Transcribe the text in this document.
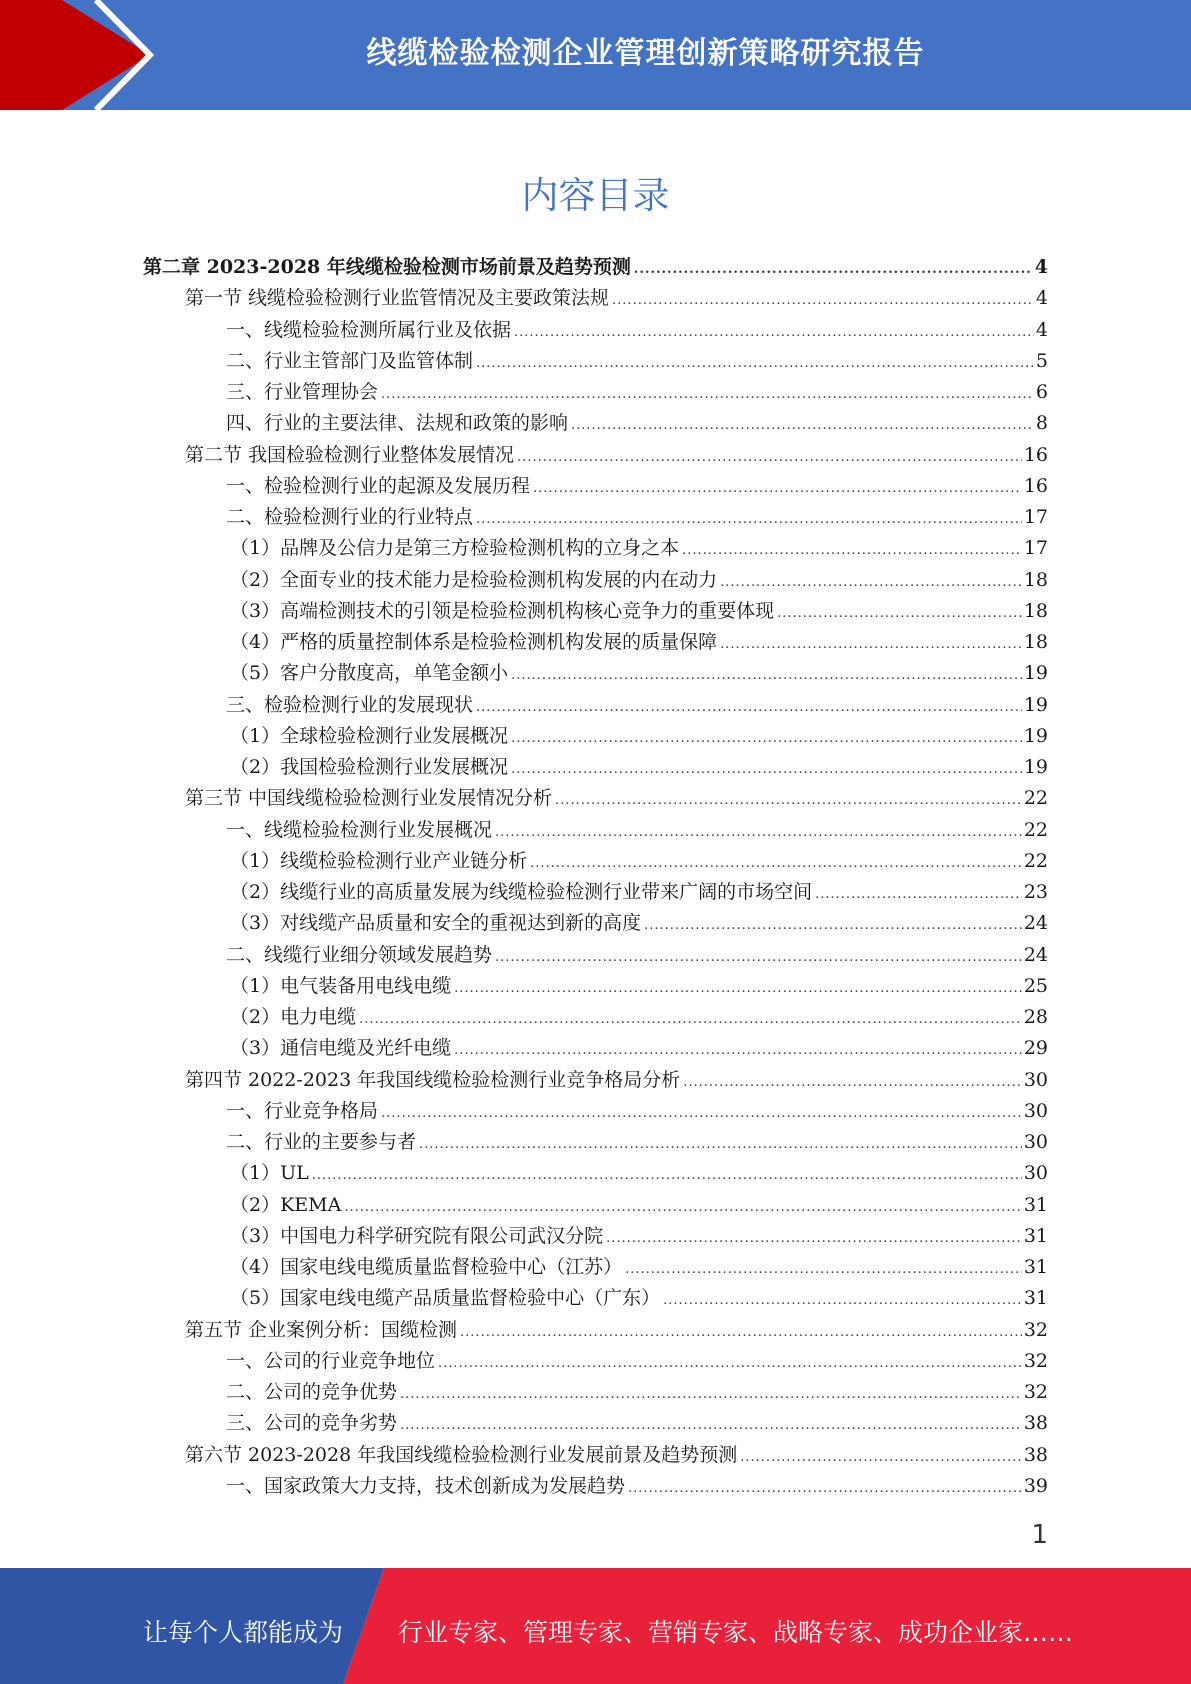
线缆检验检测企业管理创新策略研究报告
内容目录
第二章 2023-2028 年线缆检验检测市场前景及趋势预测 .....	4
第一节 线缆检验检测行业监管情况及主要政策法规 .....	4
一、线缆检验检测所属行业及依据 .....	4
二、行业主管部门及监管体制 .....	5
三、行业管理协会 .....	6
四、行业的主要法律、法规和政策的影响 .....	8
第二节 我国检验检测行业整体发展情况 .....	16
一、检验检测行业的起源及发展历程 .....	16
二、检验检测行业的行业特点 .....	17
（1）品牌及公信力是第三方检验检测机构的立身之本 .....	17
（2）全面专业的技术能力是检验检测机构发展的内在动力 .....	18
（3）高端检测技术的引领是检验检测机构核心竞争力的重要体现 .....	18
（4）严格的质量控制体系是检验检测机构发展的质量保障 .....	18
（5）客户分散度高，单笔金额小 .....	19
三、检验检测行业的发展现状 .....	19
（1）全球检验检测行业发展概况 .....	19
（2）我国检验检测行业发展概况 .....	19
第三节 中国线缆检验检测行业发展情况分析 .....	22
一、线缆检验检测行业发展概况 .....	22
（1）线缆检验检测行业产业链分析 .....	22
（2）线缆行业的高质量发展为线缆检验检测行业带来广阔的市场空间 .....	23
（3）对线缆产品质量和安全的重视达到新的高度 .....	24
二、线缆行业细分领域发展趋势 .....	24
（1）电气装备用电线电缆 .....	25
（2）电力电缆 .....	28
（3）通信电缆及光纤电缆 .....	29
第四节 2022-2023 年我国线缆检验检测行业竞争格局分析 .....	30
一、行业竞争格局 .....	30
二、行业的主要参与者 .....	30
（1）UL .....	30
（2）KEMA .....	31
（3）中国电力科学研究院有限公司武汉分院 .....	31
（4）国家电线电缆质量监督检验中心（江苏） .....	31
（5）国家电线电缆产品质量监督检验中心（广东） .....	31
第五节 企业案例分析：国缆检测 .....	32
一、公司的行业竞争地位 .....	32
二、公司的竞争优势 .....	32
三、公司的竞争劣势 .....	38
第六节 2023-2028 年我国线缆检验检测行业发展前景及趋势预测 .....	38
一、国家政策大力支持，技术创新成为发展趋势 .....	39
1
让每个人都能成为 行业专家、管理专家、营销专家、战略专家、成功企业家……
